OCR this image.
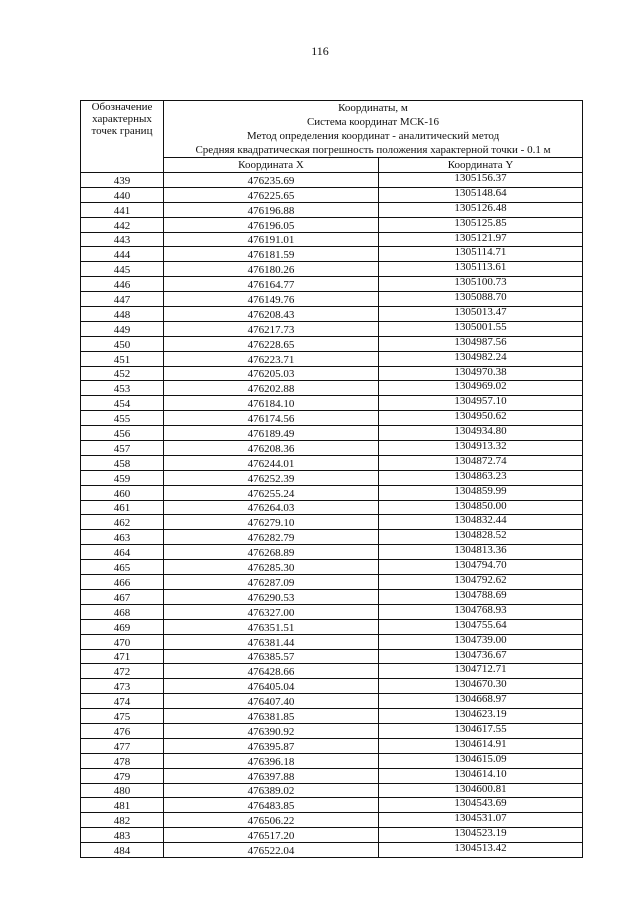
116
Обозначение
характерных
точек границ	Координаты, м
Система координат МСК-16
Метод определения координат - аналитический метод
Средняя квадратическая погрешность положения характерной точки - 0.1 м	

	Координата X	Координата Y
439	476235.69	1305156.37
440	476225.65	1305148.64
441	476196.88	1305126.48
442	476196.05	1305125.85
443	476191.01	1305121.97
444	476181.59	1305114.71
445	476180.26	1305113.61
446	476164.77	1305100.73
447	476149.76	1305088.70
448	476208.43	1305013.47
449	476217.73	1305001.55
450	476228.65	1304987.56
451	476223.71	1304982.24
452	476205.03	1304970.38
453	476202.88	1304969.02
454	476184.10	1304957.10
455	476174.56	1304950.62
456	476189.49	1304934.80
457	476208.36	1304913.32
458	476244.01	1304872.74
459	476252.39	1304863.23
460	476255.24	1304859.99
461	476264.03	1304850.00
462	476279.10	1304832.44
463	476282.79	1304828.52
464	476268.89	1304813.36
465	476285.30	1304794.70
466	476287.09	1304792.62
467	476290.53	1304788.69
468	476327.00	1304768.93
469	476351.51	1304755.64
470	476381.44	1304739.00
471	476385.57	1304736.67
472	476428.66	1304712.71
473	476405.04	1304670.30
474	476407.40	1304668.97
475	476381.85	1304623.19
476	476390.92	1304617.55
477	476395.87	1304614.91
478	476396.18	1304615.09
479	476397.88	1304614.10
480	476389.02	1304600.81
481	476483.85	1304543.69
482	476506.22	1304531.07
483	476517.20	1304523.19
484	476522.04	1304513.42
